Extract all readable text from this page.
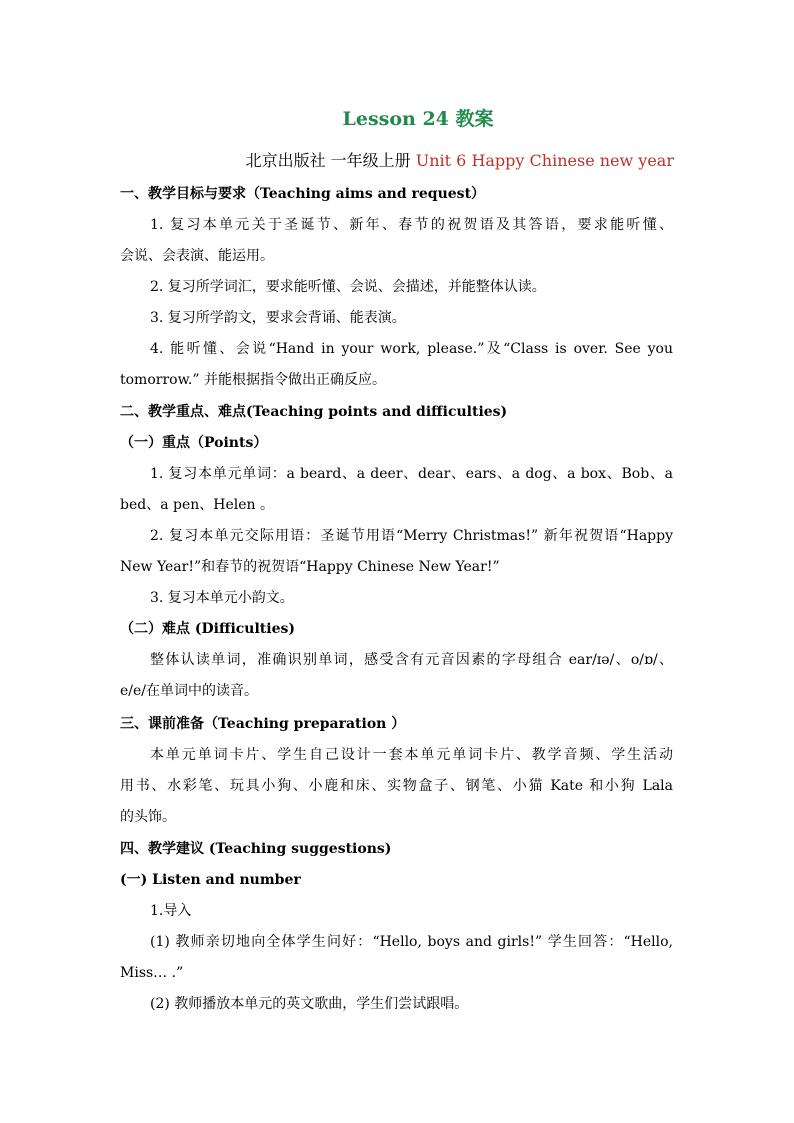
Lesson 24 教案
北京出版社 一年级上册 Unit 6 Happy Chinese new year
一、教学目标与要求（Teaching aims and request）
1. 复习本单元关于圣诞节、新年、春节的祝贺语及其答语，要求能听懂、
会说、会表演、能运用。
2. 复习所学词汇，要求能听懂、会说、会描述，并能整体认读。
3. 复习所学韵文，要求会背诵、能表演。
4. 能听懂、会说“Hand in your work, please.”及“Class is over. See you
tomorrow.” 并能根据指令做出正确反应。
二、教学重点、难点(Teaching points and difficulties)
（一）重点（Points）
1. 复习本单元单词：a beard、a deer、dear、ears、a dog、a box、Bob、a
bed、a pen、Helen 。
2. 复习本单元交际用语：圣诞节用语“Merry Christmas!” 新年祝贺语“Happy
New Year!”和春节的祝贺语“Happy Chinese New Year!”
3. 复习本单元小韵文。
（二）难点 (Difficulties)
整体认读单词，准确识别单词，感受含有元音因素的字母组合 ear/ɪə/、o/ɒ/、
e/e/在单词中的读音。
三、课前准备（Teaching preparation ）
本单元单词卡片、学生自己设计一套本单元单词卡片、教学音频、学生活动
用书、水彩笔、玩具小狗、小鹿和床、实物盒子、钢笔、小猫 Kate 和小狗 Lala
的头饰。
四、教学建议 (Teaching suggestions)
(一) Listen and number
1.导入
(1) 教师亲切地向全体学生问好：“Hello, boys and girls!” 学生回答：“Hello,
Miss… .”
(2) 教师播放本单元的英文歌曲，学生们尝试跟唱。
